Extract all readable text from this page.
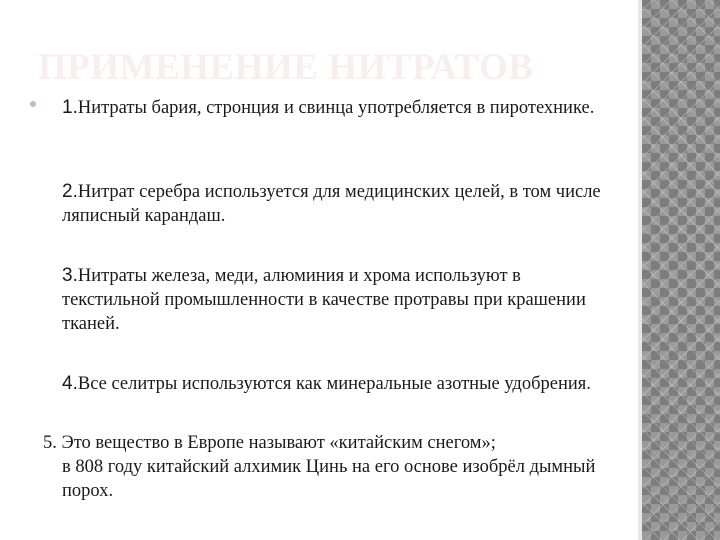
ПРИМЕНЕНИЕ НИТРАТОВ

1.Нитраты бария, стронция и свинца употребляется в пиротехнике.

2.Нитрат серебра используется для медицинских целей, в том числе ляписный карандаш.

3.Нитраты железа, меди, алюминия и хрома используют в текстильной промышленности в качестве протравы при крашении тканей.

4.Все селитры используются как минеральные азотные удобрения.

5. Это вещество в Европе называют «китайским снегом»;
в 808 году китайский алхимик Цинь на его основе изобрёл дымный порох.
